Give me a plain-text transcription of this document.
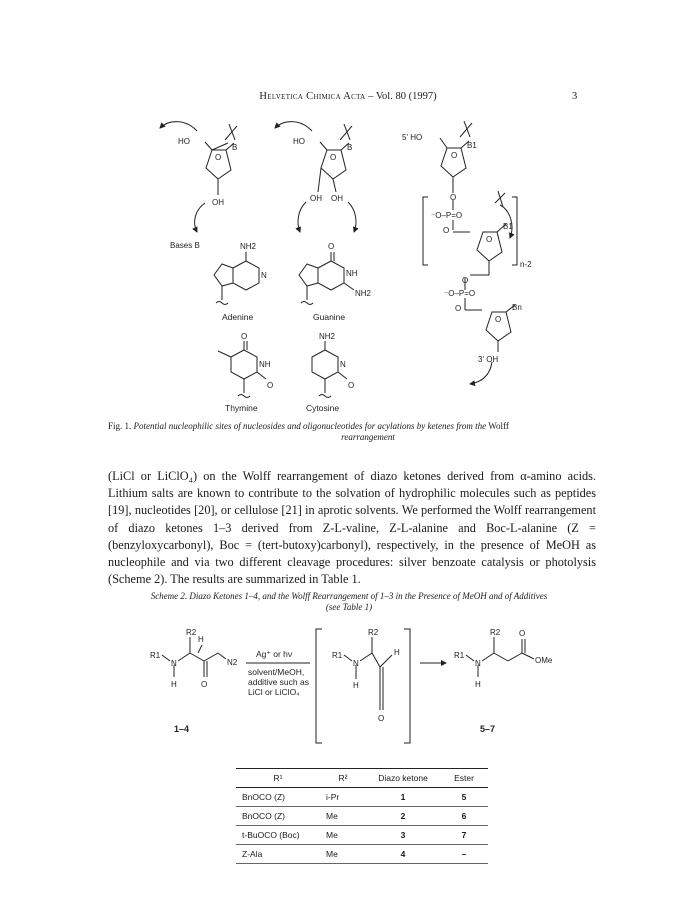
Helvetica Chimica Acta – Vol. 80 (1997)	3
HO
O
B
OH
HO
O
B
OH OH
5' HO
O
B1
O
⁻O–P=O
O
O
B1
n-2
O
⁻O–P=O
O
O
Bn
3' OH
Bases B	NH2
N
O
NH
NH2
O
NH
O
NH2
N
O
Adenine	Guanine
Thymine	Cytosine
Fig. 1. Potential nucleophilic sites of nucleosides and oligonucleotides for acylations by ketenes from the Wolff
rearrangement

(LiCl or LiClO₄) on the Wolff rearrangement of diazo ketones derived from α-amino acids. Lithium salts are known to contribute to the solvation of hydrophilic molecules such as peptides [19], nucleotides [20], or cellulose [21] in aprotic solvents. We performed the Wolff rearrangement of diazo ketones 1–3 derived from Z-L-valine, Z-L-alanine and Boc-L-alanine (Z = (benzyloxycarbonyl), Boc = (tert-butoxy)carbonyl), respectively, in the presence of MeOH as nucleophile and via two different cleavage procedures: silver benzoate catalysis or photolysis (Scheme 2). The results are summarized in Table 1.

Scheme 2. Diazo Ketones 1–4, and the Wolff Rearrangement of 1–3 in the Presence of MeOH and of Additives
(see Table 1)
R1
R2
H
N
H	O
N2
R1
R2
H
N
H
O
R1
R2
N
H
O
OMe
Ag⁺ or hν
solvent/MeOH,
additive such as
LiCl or LiClO₄
1–4	5–7
R¹	R²	Diazo ketone	Ester
BnOCO (Z)	i-Pr	1	5
BnOCO (Z)	Me	2	6
t-BuOCO (Boc)	Me	3	7
Z-Ala	Me	4	–
